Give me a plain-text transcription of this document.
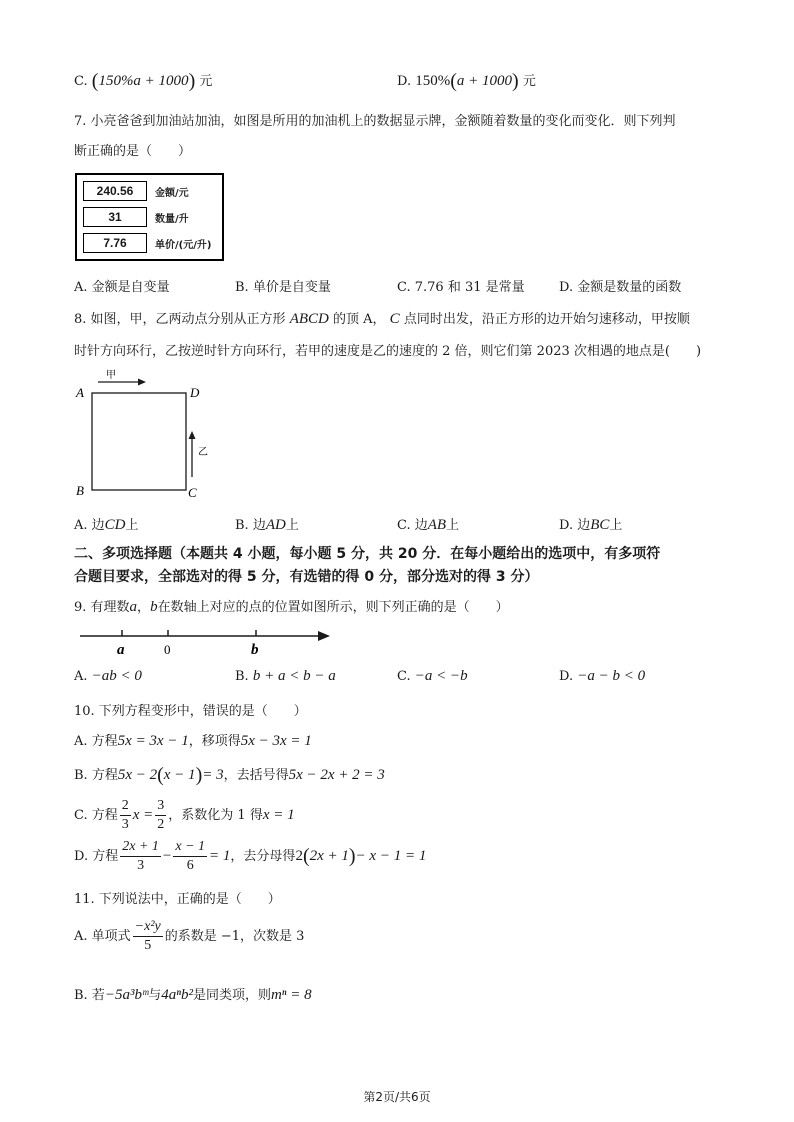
C. (150%a + 1000) 元	D. 150%(a + 1000) 元
7. 小亮爸爸到加油站加油，如图是所用的加油机上的数据显示牌，金额随着数量的变化而变化．则下列判
断正确的是（　　）
240.56	金额/元
31	数量/升
7.76	单价/(元/升)
A. 金额是自变量	B. 单价是自变量	C. 7.76 和 31 是常量	D. 金额是数量的函数
8. 如图，甲，乙两动点分别从正方形 ABCD 的顶 A， C 点同时出发，沿正方形的边开始匀速移动，甲按顺
时针方向环行，乙按逆时针方向环行，若甲的速度是乙的速度的 2 倍，则它们第 2023 次相遇的地点是(　　)
A	D
B	C
甲
乙
A. 边CD上	B. 边AD上	C. 边AB上	D. 边BC上
二、多项选择题（本题共 4 小题，每小题 5 分，共 20 分．在每小题给出的选项中，有多项符
合题目要求，全部选对的得 5 分，有选错的得 0 分，部分选对的得 3 分）
9. 有理数a，b在数轴上对应的点的位置如图所示，则下列正确的是（　　）
a	0	b
A. −ab < 0	B. b + a < b − a	C. −a < −b	D. −a − b < 0
10. 下列方程变形中，错误的是（　　）
A. 方程5x = 3x − 1，移项得5x − 3x = 1
B. 方程5x − 2(x − 1)= 3，去括号得5x − 2x + 2 = 3
C. 方程 $\frac{2}{3}$ $x = \frac{3}{2}$ ，系数化为 1 得x = 1
D. 方程 $\frac{2x + 1}{3} - \frac{x - 1}{6} = 1$，去分母得2(2x + 1)− x − 1 = 1
11. 下列说法中，正确的是（　　）
A. 单项式 $\frac{\text{−x²y}}{5}$ 的系数是 −1，次数是 3
B. 若−5a³bᵐ与4aⁿb²是同类项，则mⁿ = 8
第2页/共6页
